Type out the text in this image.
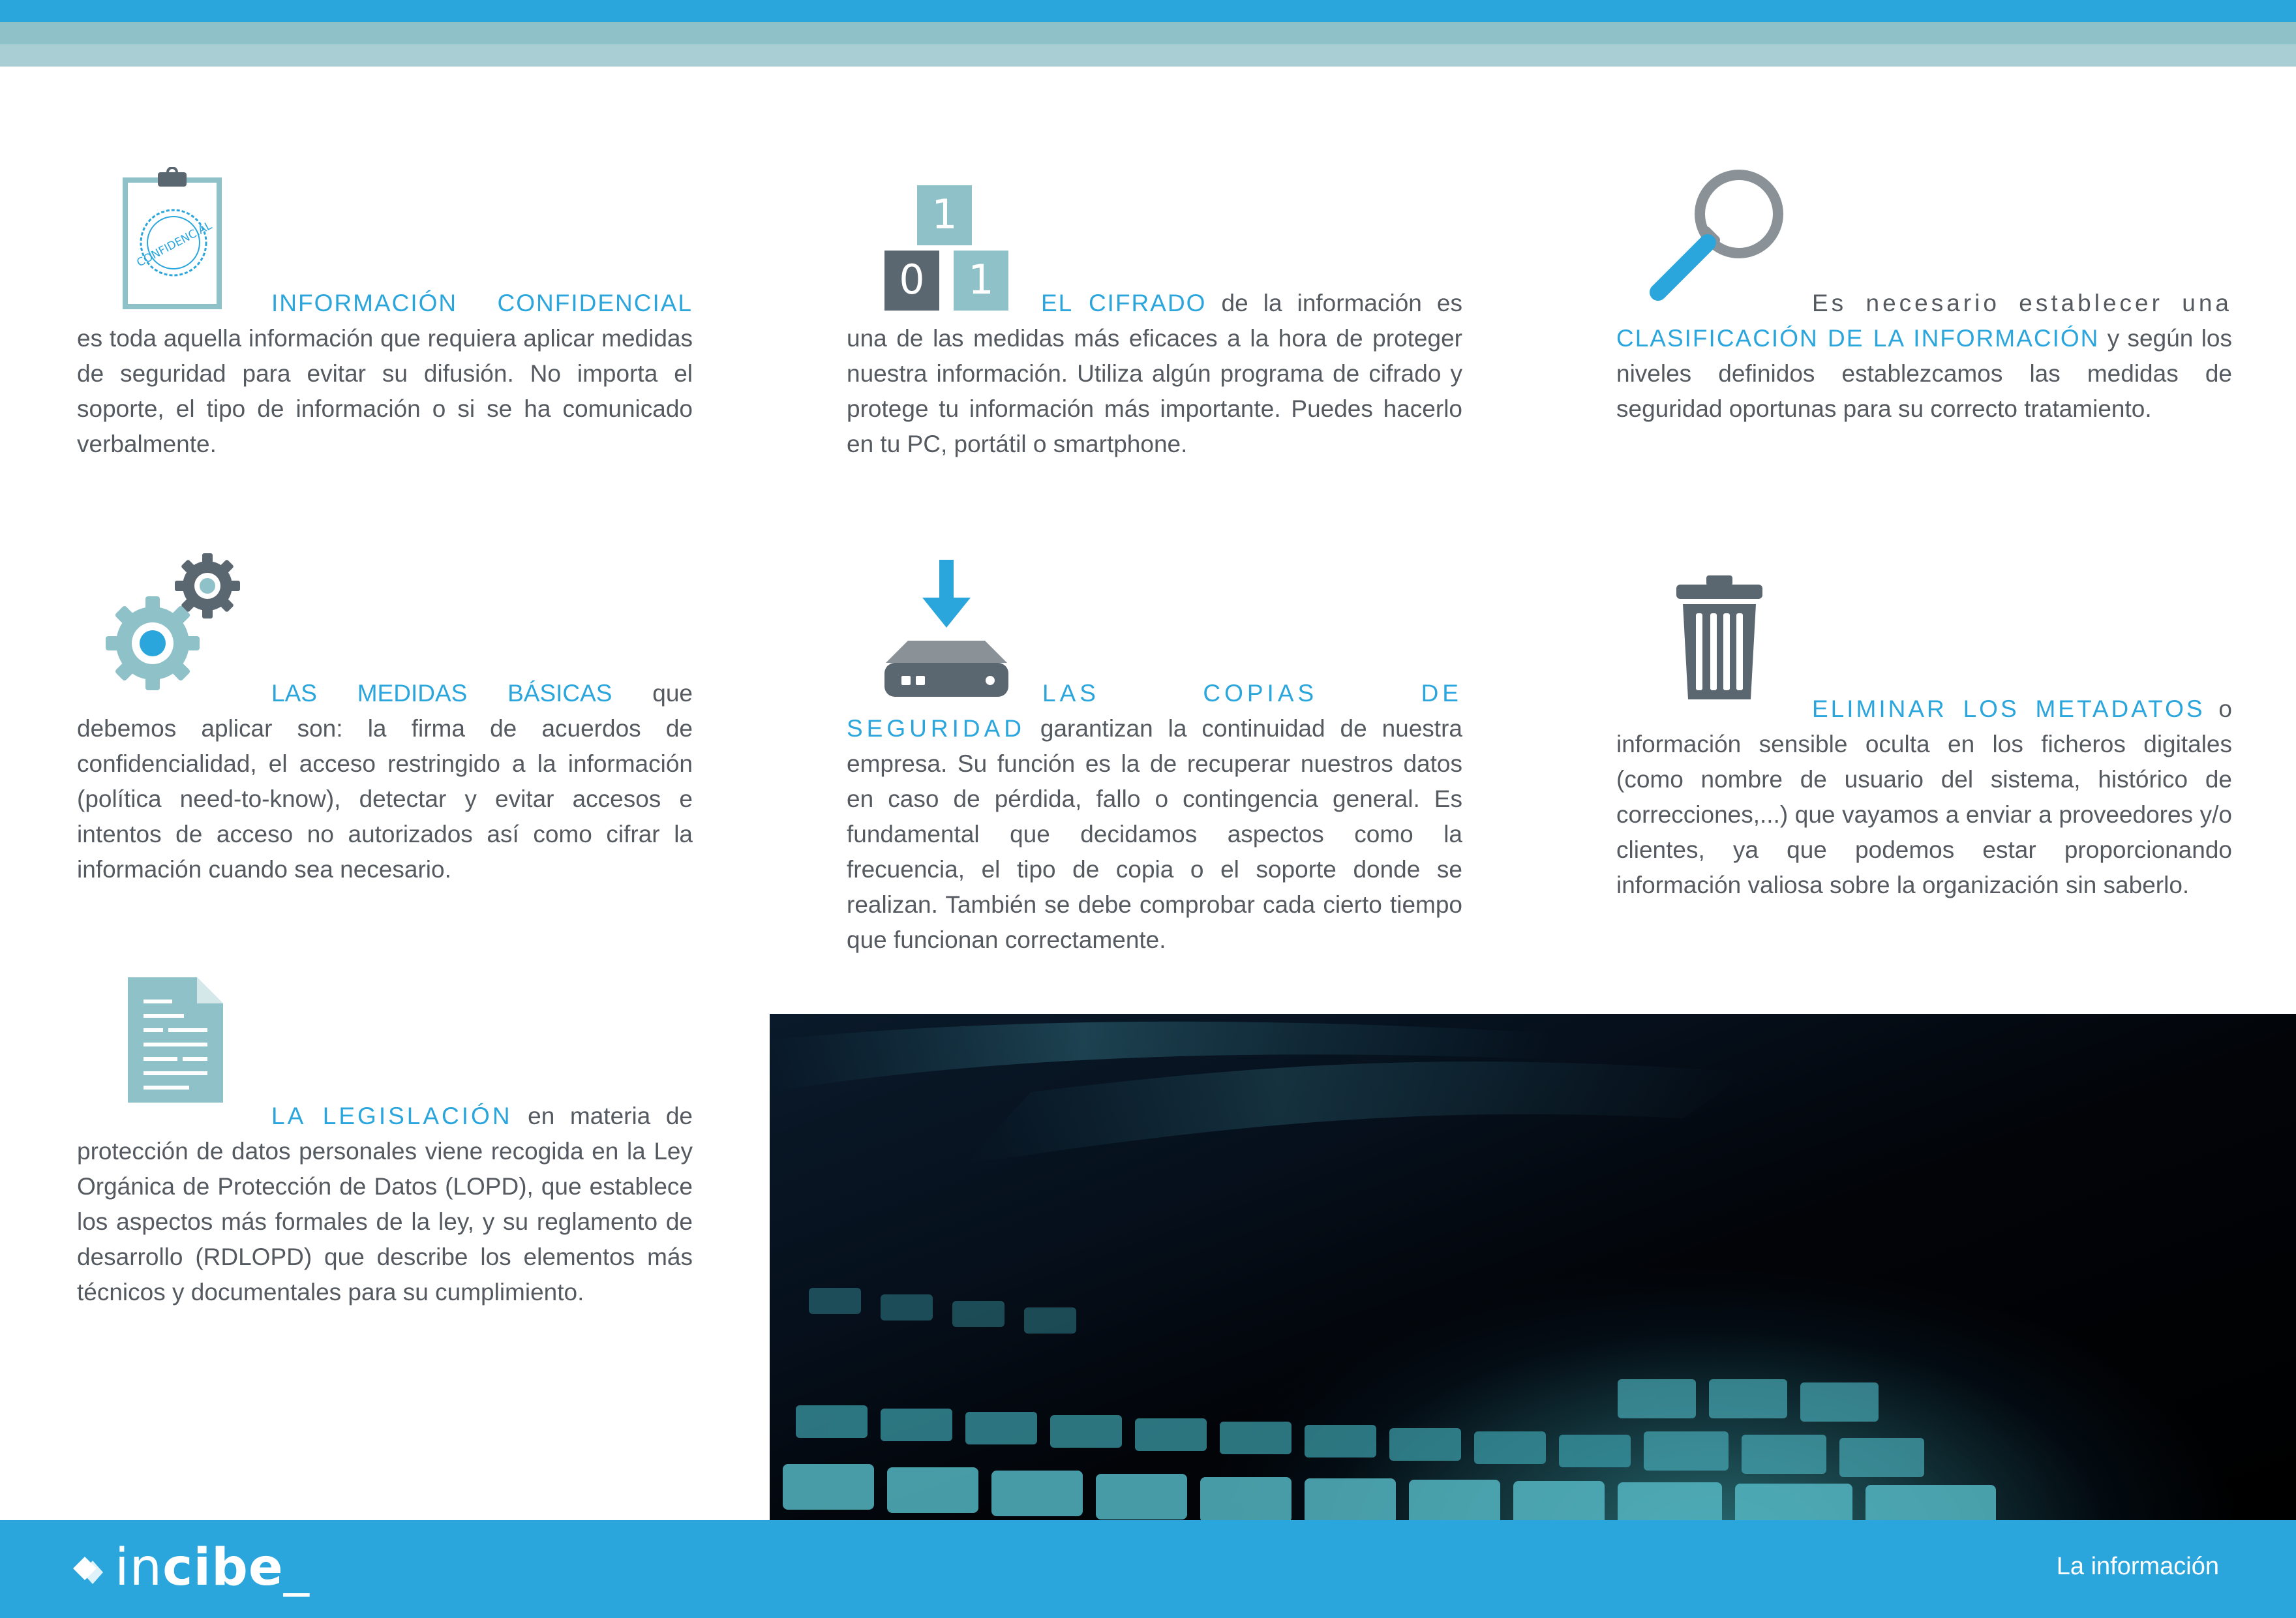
CONFIDENCIAL
1
0 1

INFORMACIÓN CONFIDENCIAL es toda aquella información que requiera aplicar medidas de seguridad para evitar su difusión. No importa el soporte, el tipo de información o si se ha comunicado verbalmente.

EL CIFRADO de la información es una de las medidas más eficaces a la hora de proteger nuestra información. Utiliza algún programa de cifrado y protege tu información más importante. Puedes hacerlo en tu PC, portátil o smartphone.

Es necesario establecer una CLASIFICACIÓN DE LA INFORMACIÓN y según los niveles definidos establezcamos las medidas de seguridad oportunas para su correcto tratamiento.

LAS MEDIDAS BÁSICAS que debemos aplicar son: la firma de acuerdos de confidencialidad, el acceso restringido a la información (política need-to-know), detectar y evitar accesos e intentos de acceso no autorizados así como cifrar la información cuando sea necesario.

LAS COPIAS DE SEGURIDAD garantizan la continuidad de nuestra empresa. Su función es la de recuperar nuestros datos en caso de pérdida, fallo o contingencia general. Es fundamental que decidamos aspectos como la frecuencia, el tipo de copia o el soporte donde se realizan. También se debe comprobar cada cierto tiempo que funcionan correctamente.

ELIMINAR LOS METADATOS o información sensible oculta en los ficheros digitales (como nombre de usuario del sistema, histórico de correcciones,...) que vayamos a enviar a proveedores y/o clientes, ya que podemos estar proporcionando información valiosa sobre la organización sin saberlo.

LA LEGISLACIÓN en materia de protección de datos personales viene recogida en la Ley Orgánica de Protección de Datos (LOPD), que establece los aspectos más formales de la ley, y su reglamento de desarrollo (RDLOPD) que describe los elementos más técnicos y documentales para su cumplimiento.

incibe_	La información
